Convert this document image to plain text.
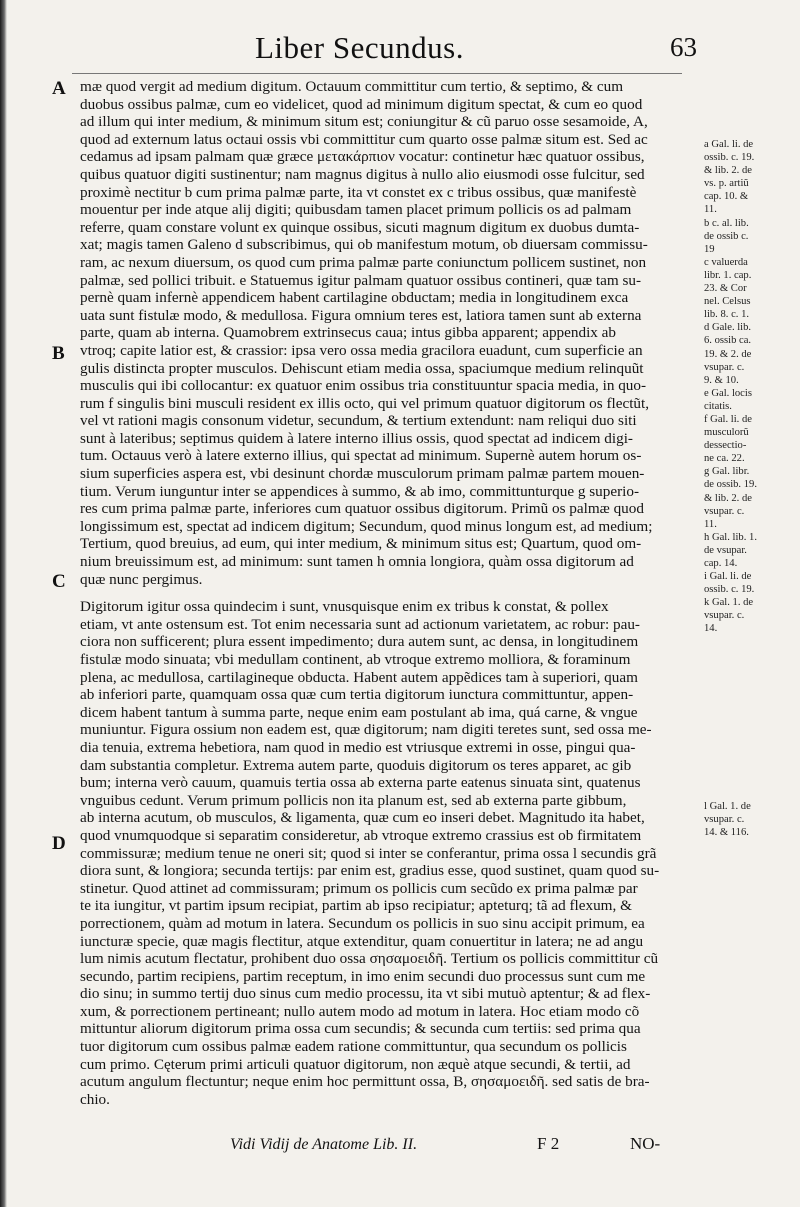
Liber Secundus.	63
A
B
C
D
mæ quod vergit ad medium digitum. Octauum committitur cum tertio, & septimo, & cum
duobus ossibus palmæ, cum eo videlicet, quod ad minimum digitum spectat, & cum eo quod
ad illum qui inter medium, & minimum situm est; coniungitur & cũ paruo osse sesamoide, A,
quod ad externum latus octaui ossis vbi committitur cum quarto osse palmæ situm est. Sed ac
cedamus ad ipsam palmam quæ græce μετακάρπιον vocatur: continetur hæc quatuor ossibus,
quibus quatuor digiti sustinentur; nam magnus digitus à nullo alio eiusmodi osse fulcitur, sed
proximè nectitur b cum prima palmæ parte, ita vt constet ex c tribus ossibus, quæ manifestè
mouentur per inde atque alij digiti; quibusdam tamen placet primum pollicis os ad palmam
referre, quam constare volunt ex quinque ossibus, sicuti magnum digitum ex duobus dumta-
xat; magis tamen Galeno d subscribimus, qui ob manifestum motum, ob diuersam commissu-
ram, ac nexum diuersum, os quod cum prima palmæ parte coniunctum pollicem sustinet, non
palmæ, sed pollici tribuit. e Statuemus igitur palmam quatuor ossibus contineri, quæ tam su-
pernè quam infernè appendicem habent cartilagine obductam; media in longitudinem exca
uata sunt fistulæ modo, & medullosa. Figura omnium teres est, latiora tamen sunt ab externa
parte, quam ab interna. Quamobrem extrinsecus caua; intus gibba apparent; appendix ab
vtroq; capite latior est, & crassior: ipsa vero ossa media gracilora euadunt, cum superficie an
gulis distincta propter musculos. Dehiscunt etiam media ossa, spaciumque medium relinquũt
musculis qui ibi collocantur: ex quatuor enim ossibus tria constituuntur spacia media, in quo-
rum f singulis bini musculi resident ex illis octo, qui vel primum quatuor digitorum os flectũt,
vel vt rationi magis consonum videtur, secundum, & tertium extendunt: nam reliqui duo siti
sunt à lateribus; septimus quidem à latere interno illius ossis, quod spectat ad indicem digi-
tum. Octauus verò à latere externo illius, qui spectat ad minimum. Supernè autem horum os-
sium superficies aspera est, vbi desinunt chordæ musculorum primam palmæ partem mouen-
tium. Verum iunguntur inter se appendices à summo, & ab imo, committunturque g superio-
res cum prima palmæ parte, inferiores cum quatuor ossibus digitorum. Primũ os palmæ quod
longissimum est, spectat ad indicem digitum; Secundum, quod minus longum est, ad medium;
Tertium, quod breuius, ad eum, qui inter medium, & minimum situs est; Quartum, quod om-
nium breuissimum est, ad minimum: sunt tamen h omnia longiora, quàm ossa digitorum ad
quæ nunc pergimus.
Digitorum igitur ossa quindecim i sunt, vnusquisque enim ex tribus k constat, & pollex
etiam, vt ante ostensum est. Tot enim necessaria sunt ad actionum varietatem, ac robur: pau-
ciora non sufficerent; plura essent impedimento; dura autem sunt, ac densa, in longitudinem
fistulæ modo sinuata; vbi medullam continent, ab vtroque extremo molliora, & foraminum
plena, ac medullosa, cartilagineque obducta. Habent autem appẽdices tam à superiori, quam
ab inferiori parte, quamquam ossa quæ cum tertia digitorum iunctura committuntur, appen-
dicem habent tantum à summa parte, neque enim eam postulant ab ima, quá carne, & vngue
muniuntur. Figura ossium non eadem est, quæ digitorum; nam digiti teretes sunt, sed ossa me-
dia tenuia, extrema hebetiora, nam quod in medio est vtriusque extremi in osse, pingui qua-
dam substantia completur. Extrema autem parte, quoduis digitorum os teres apparet, ac gib
bum; interna verò cauum, quamuis tertia ossa ab externa parte eatenus sinuata sint, quatenus
vnguibus cedunt. Verum primum pollicis non ita planum est, sed ab externa parte gibbum,
ab interna acutum, ob musculos, & ligamenta, quæ cum eo inseri debet. Magnitudo ita habet,
quod vnumquodque si separatim consideretur, ab vtroque extremo crassius est ob firmitatem
commissuræ; medium tenue ne oneri sit; quod si inter se conferantur, prima ossa l secundis grã
diora sunt, & longiora; secunda tertijs: par enim est, gradius esse, quod sustinet, quam quod su-
stinetur. Quod attinet ad commissuram; primum os pollicis cum secũdo ex prima palmæ par
te ita iungitur, vt partim ipsum recipiat, partim ab ipso recipiatur; apteturq; tã ad flexum, &
porrectionem, quàm ad motum in latera. Secundum os pollicis in suo sinu accipit primum, ea
iuncturæ specie, quæ magis flectitur, atque extenditur, quam conuertitur in latera; ne ad angu
lum nimis acutum flectatur, prohibent duo ossa σησαμοειδῆ. Tertium os pollicis committitur cũ
secundo, partim recipiens, partim receptum, in imo enim secundi duo processus sunt cum me
dio sinu; in summo tertij duo sinus cum medio processu, ita vt sibi mutuò aptentur; & ad flex-
xum, & porrectionem pertineant; nullo autem modo ad motum in latera. Hoc etiam modo cõ
mittuntur aliorum digitorum prima ossa cum secundis; & secunda cum tertiis: sed prima qua
tuor digitorum cum ossibus palmæ eadem ratione committuntur, qua secundum os pollicis
cum primo. Cęterum primi articuli quatuor digitorum, non æquè atque secundi, & tertii, ad
acutum angulum flectuntur; neque enim hoc permittunt ossa, B, σησαμοειδῆ. sed satis de bra-
chio.
a Gal. li. de
ossib. c. 19.
& lib. 2. de
vs. p. artiũ
cap. 10. &
11.
b c. al. lib.
de ossib c.
19
c valuerda
libr. 1. cap.
23. & Cor
nel. Celsus
lib. 8. c. 1.
d Gale. lib.
6. ossib ca.
19. & 2. de
vsupar. c.
9. & 10.
e Gal. locis
citatis.
f Gal. li. de
musculorũ
dessectio-
ne ca. 22.
g Gal. libr.
de ossib. 19.
& lib. 2. de
vsupar. c.
11.
h Gal. lib. 1.
de vsupar.
cap. 14.
i Gal. li. de
ossib. c. 19.
k Gal. 1. de
vsupar. c.
14.
l Gal. 1. de
vsupar. c.
14. & 116.
Vidi Vidij de Anatome Lib. II.	F 2	NO-
